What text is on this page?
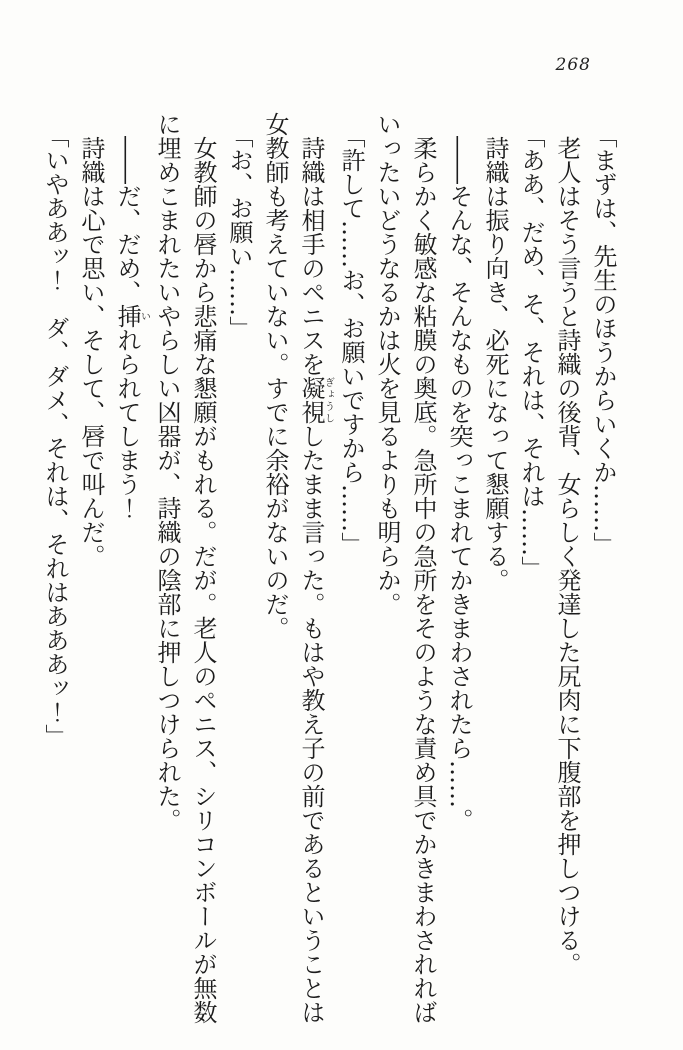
268

「まずは、先生のほうからいくか……」

老人はそう言うと詩織の後背、女らしく発達した尻肉に下腹部を押しつける。

「ああ、だめ、そ、それは、それは……」

詩織は振り向き、必死になって懇願する。

――そんな、そんなものを突っこまれてかきまわされたら……。

柔らかく敏感な粘膜の奥底。急所中の急所をそのような責め具でかきまわされればいったいどうなるかは火を見るよりも明らか。

「許して……お、お願いですから……」

詩織は相手のペニスを凝視ぎょうししたまま言った。もはや教え子の前であるということは女教師も考えていない。すでに余裕がないのだ。

「お、お願い……」

女教師の唇から悲痛な懇願がもれる。だが。老人のペニス、シリコンボールが無数に埋めこまれたいやらしい凶器が、詩織の陰部に押しつけられた。

――だ、だめ、挿いれられてしまう！

詩織は心で思い、そして、唇で叫んだ。

「いやああッ！　ダ、ダメ、それは、それはあああッ！」
